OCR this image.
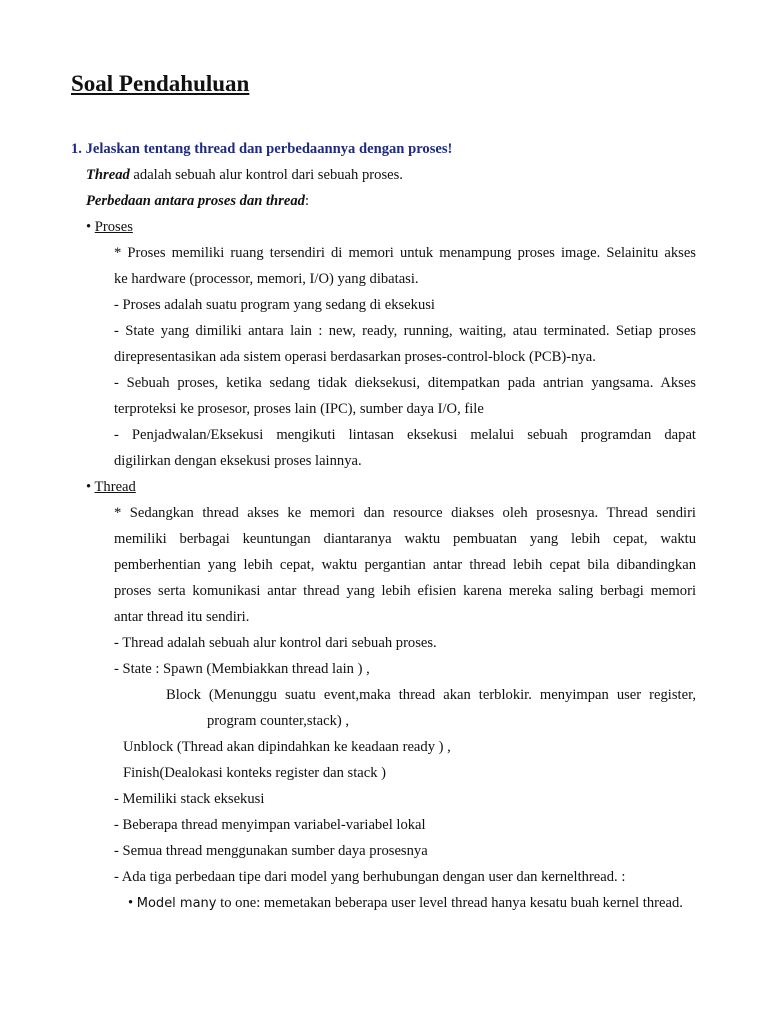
Soal Pendahuluan
1. Jelaskan tentang thread dan perbedaannya dengan proses!
Thread adalah sebuah alur kontrol dari sebuah proses.
Perbedaan antara proses dan thread:
• Proses
* Proses memiliki ruang tersendiri di memori untuk menampung proses image. Selainitu akses
ke hardware (processor, memori, I/O) yang dibatasi.
- Proses adalah suatu program yang sedang di eksekusi
- State yang dimiliki antara lain : new, ready, running, waiting, atau terminated. Setiap proses
direpresentasikan ada sistem operasi berdasarkan proses-control-block (PCB)-nya.
- Sebuah proses, ketika sedang tidak dieksekusi, ditempatkan pada antrian yangsama. Akses
terproteksi ke prosesor, proses lain (IPC), sumber daya I/O, file
- Penjadwalan/Eksekusi mengikuti lintasan eksekusi melalui sebuah programdan dapat
digilirkan dengan eksekusi proses lainnya.
• Thread
* Sedangkan thread akses ke memori dan resource diakses oleh prosesnya. Thread sendiri
memiliki berbagai keuntungan diantaranya waktu pembuatan yang lebih cepat, waktu
pemberhentian yang lebih cepat, waktu pergantian antar thread lebih cepat bila dibandingkan
proses serta komunikasi antar thread yang lebih efisien karena mereka saling berbagi memori
antar thread itu sendiri.
- Thread adalah sebuah alur kontrol dari sebuah proses.
- State : Spawn (Membiakkan thread lain ) ,
Block (Menunggu suatu event,maka thread akan terblokir. menyimpan user register,
program counter,stack) ,
Unblock (Thread akan dipindahkan ke keadaan ready ) ,
Finish(Dealokasi konteks register dan stack )
- Memiliki stack eksekusi
- Beberapa thread menyimpan variabel-variabel lokal
- Semua thread menggunakan sumber daya prosesnya
- Ada tiga perbedaan tipe dari model yang berhubungan dengan user dan kernelthread. :
• Model many to one: memetakan beberapa user level thread hanya kesatu buah kernel thread.
